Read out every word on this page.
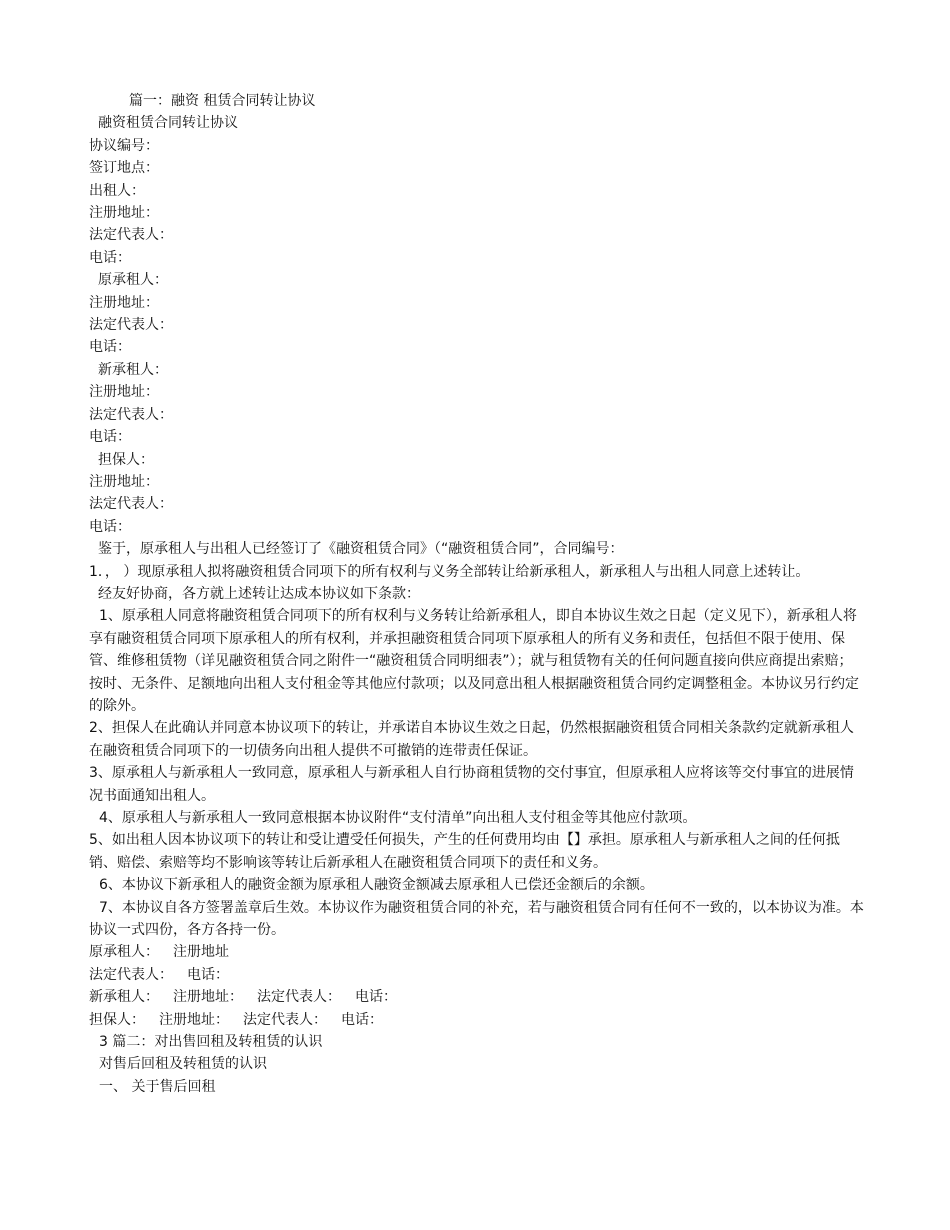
篇一：融资 租赁合同转让协议
融资租赁合同转让协议
协议编号：
签订地点：
出租人：
注册地址：
法定代表人：
电话：
原承租人：
注册地址：
法定代表人：
电话：
新承租人：
注册地址：
法定代表人：
电话：
担保人：
注册地址：
法定代表人：
电话：
鉴于，原承租人与出租人已经签订了《融资租赁合同》（“融资租赁合同”，合同编号：
1．， ）现原承租人拟将融资租赁合同项下的所有权利与义务全部转让给新承租人，新承租人与出租人同意上述转让。
经友好协商，各方就上述转让达成本协议如下条款：
1、原承租人同意将融资租赁合同项下的所有权利与义务转让给新承租人，即自本协议生效之日起（定义见下），新承租人将享有融资租赁合同项下原承租人的所有权利，并承担融资租赁合同项下原承租人的所有义务和责任，包括但不限于使用、保管、维修租赁物（详见融资租赁合同之附件一“融资租赁合同明细表”）；就与租赁物有关的任何问题直接向供应商提出索赔；按时、无条件、足额地向出租人支付租金等其他应付款项；以及同意出租人根据融资租赁合同约定调整租金。本协议另行约定的除外。
2、担保人在此确认并同意本协议项下的转让，并承诺自本协议生效之日起，仍然根据融资租赁合同相关条款约定就新承租人在融资租赁合同项下的一切债务向出租人提供不可撤销的连带责任保证。
3、原承租人与新承租人一致同意，原承租人与新承租人自行协商租赁物的交付事宜，但原承租人应将该等交付事宜的进展情况书面通知出租人。
4、原承租人与新承租人一致同意根据本协议附件“支付清单”向出租人支付租金等其他应付款项。
5、如出租人因本协议项下的转让和受让遭受任何损失，产生的任何费用均由【】承担。原承租人与新承租人之间的任何抵销、赔偿、索赔等均不影响该等转让后新承租人在融资租赁合同项下的责任和义务。
6、本协议下新承租人的融资金额为原承租人融资金额减去原承租人已偿还金额后的余额。
7、本协议自各方签署盖章后生效。本协议作为融资租赁合同的补充，若与融资租赁合同有任何不一致的，以本协议为准。本协议一式四份，各方各持一份。
原承租人： 注册地址
法定代表人： 电话：
新承租人： 注册地址： 法定代表人： 电话：
担保人： 注册地址： 法定代表人： 电话：
3 篇二：对出售回租及转租赁的认识
对售后回租及转租赁的认识
一、 关于售后回租
